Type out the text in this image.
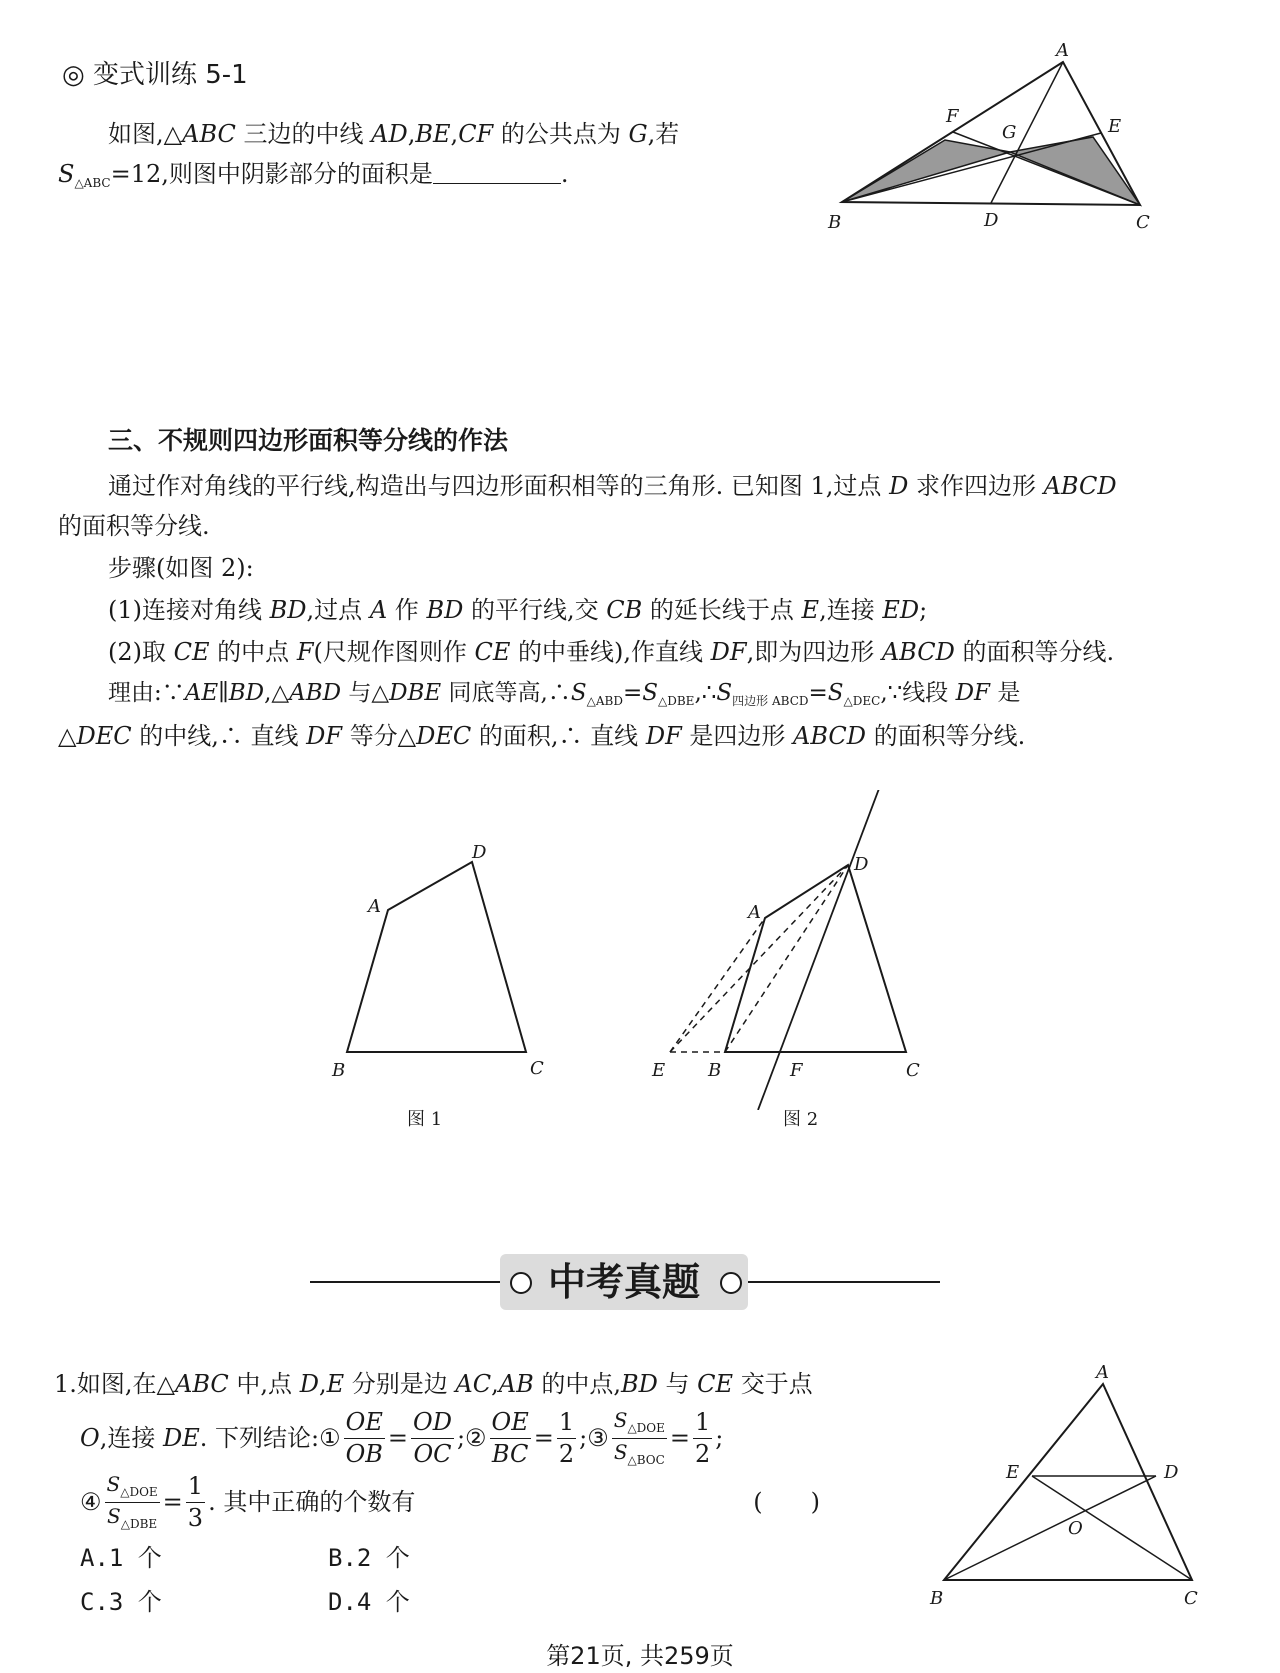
◎ 变式训练 5-1
如图,△ABC 三边的中线 AD,BE,CF 的公共点为 G,若
$S_{\triangle ABC}=12$,则图中阴影部分的面积是	.
A
B	C
D
E
F
G
三、不规则四边形面积等分线的作法
通过作对角线的平行线,构造出与四边形面积相等的三角形. 已知图 1,过点 D 求作四边形 ABCD
的面积等分线.
步骤(如图 2):
(1)连接对角线 BD,过点 A 作 BD 的平行线,交 CB 的延长线于点 E,连接 ED;
(2)取 CE 的中点 F(尺规作图则作 CE 的中垂线),作直线 DF,即为四边形 ABCD 的面积等分线.
理由:∵AE∥BD,△ABD 与△DBE 同底等高$,\therefore S_{\triangle ABD}=S_{\triangle DBE},\therefore S_{四边形 ABCD}=S_{\triangle DEC},\because$线段 DF 是
△DEC 的中线,∴ 直线 DF 等分△DEC 的面积,∴ 直线 DF 是四边形 ABCD 的面积等分线.
A
D
B	C
图 1
D
A
E B	F	C
图 2
中考真题
1.如图,在△ABC 中,点 D,E 分别是边 AC,AB 的中点,BD 与 CE 交于点
O ,连接
DE . 下列结论: ① $\frac{OE}{OB} = \frac{OD}{OC}$ ; ② $\frac{OE}{BC} = \frac{1}{2}$ ; ③ $\frac{S_{\triangle DOE}}{S_{\triangle BOC}} = \frac{1}{2}$ ;
④ $\frac{S_{\triangle DOE}}{S_{\triangle DBE}} = \frac{1}{3}$ . 其中正确的个数有	(　　)
A.1 个	B.2 个
C.3 个	D.4 个
A
E	D
O
B	C
第21页, 共259页
